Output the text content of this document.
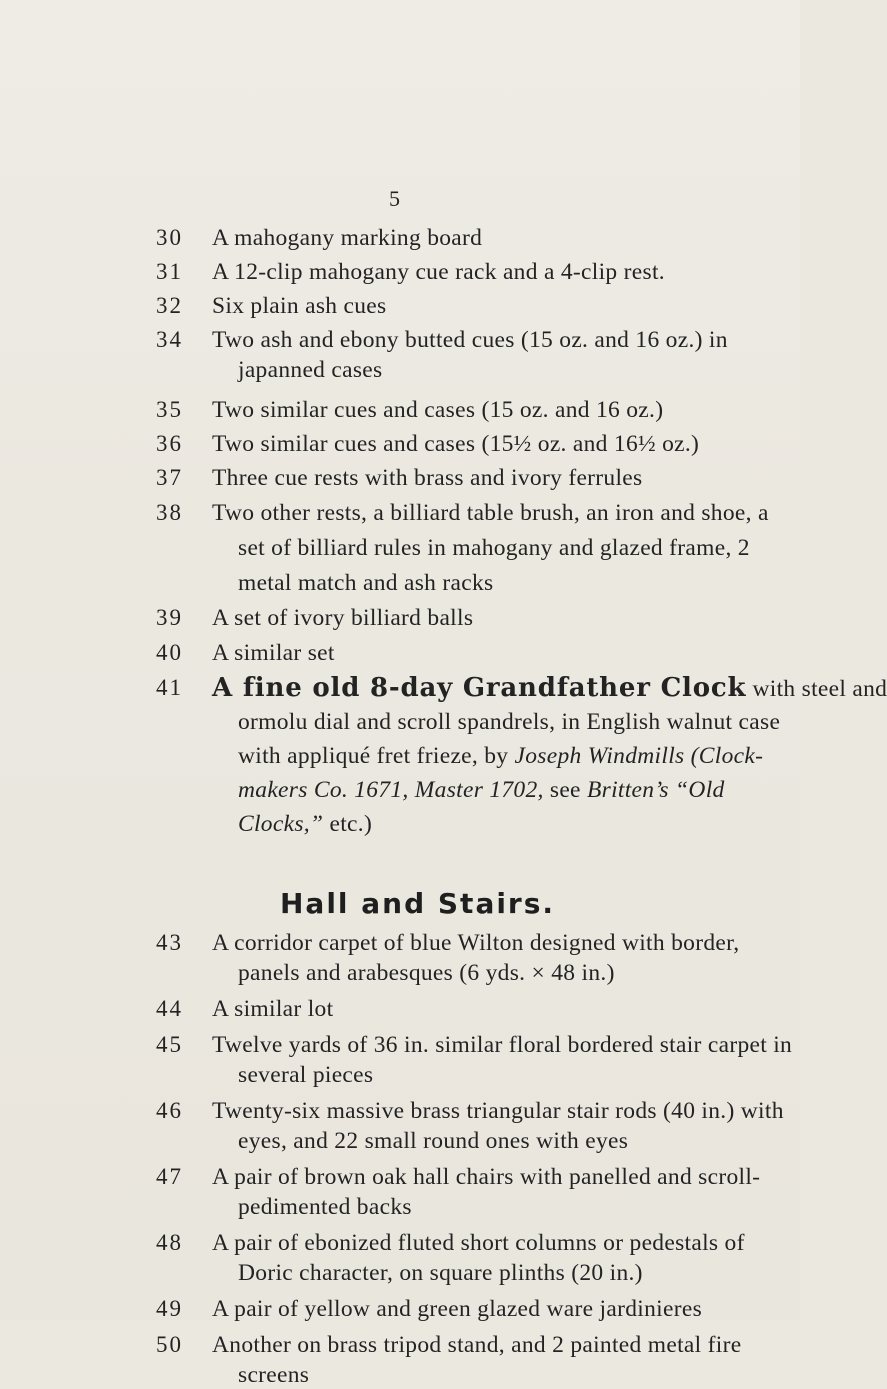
5
30	A mahogany marking board
31	A 12-clip mahogany cue rack and a 4-clip rest.
32	Six plain ash cues
34	Two ash and ebony butted cues (15 oz. and 16 oz.) in
japanned cases
35	Two similar cues and cases (15 oz. and 16 oz.)
36	Two similar cues and cases (15½ oz. and 16½ oz.)
37	Three cue rests with brass and ivory ferrules
38	Two other rests, a billiard table brush, an iron and shoe, a
set of billiard rules in mahogany and glazed frame, 2
metal match and ash racks
39	A set of ivory billiard balls
40	A similar set
41	A fine old 8-day Grandfather Clock with steel and
ormolu dial and scroll spandrels, in English walnut case
with appliqué fret frieze, by Joseph Windmills (Clock-
makers Co. 1671, Master 1702, see Britten’s “Old
Clocks,” etc.)
Hall and Stairs.
43	A corridor carpet of blue Wilton designed with border,
panels and arabesques (6 yds. × 48 in.)
44	A similar lot
45	Twelve yards of 36 in. similar floral bordered stair carpet in
several pieces
46	Twenty-six massive brass triangular stair rods (40 in.) with
eyes, and 22 small round ones with eyes
47	A pair of brown oak hall chairs with panelled and scroll-
pedimented backs
48	A pair of ebonized fluted short columns or pedestals of
Doric character, on square plinths (20 in.)
49	A pair of yellow and green glazed ware jardinieres
50	Another on brass tripod stand, and 2 painted metal fire
screens
